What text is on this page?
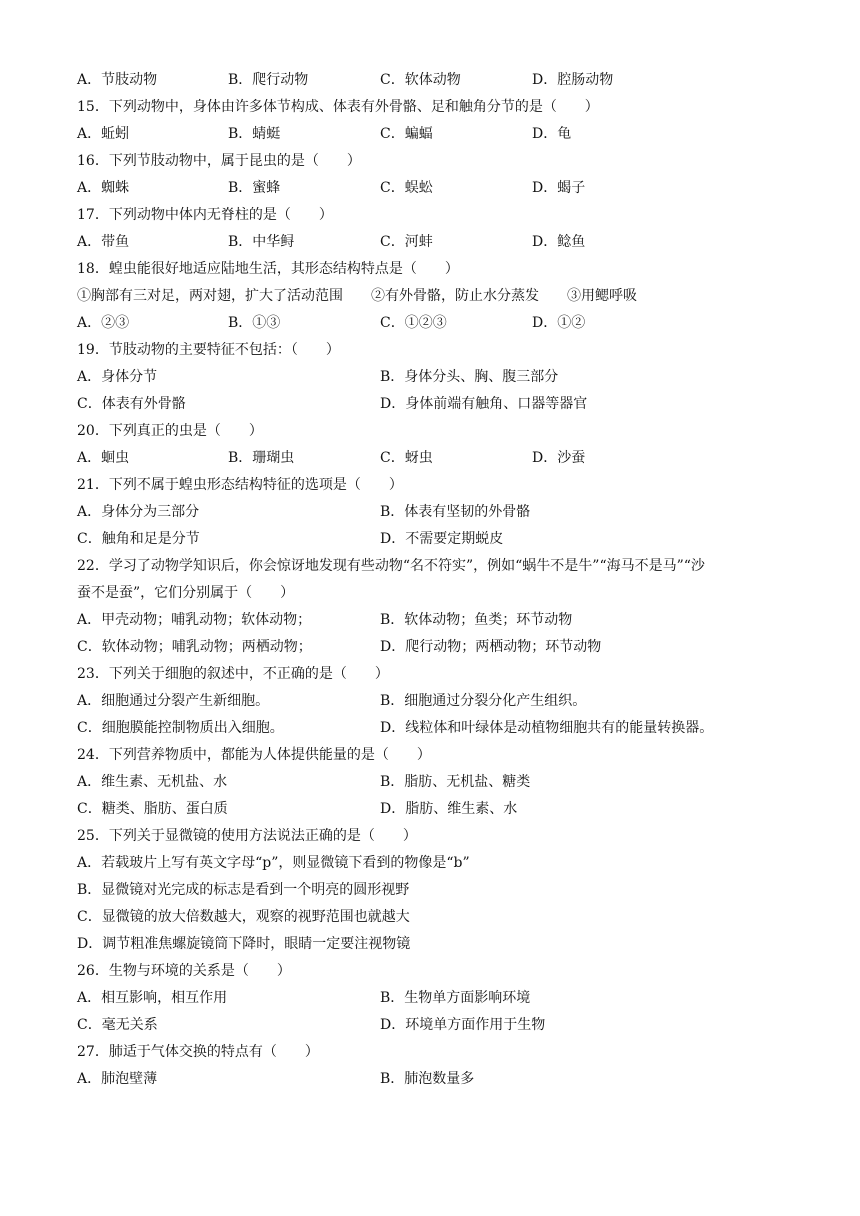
A．节肢动物	B．爬行动物	C．软体动物	D．腔肠动物
15．下列动物中，身体由许多体节构成、体表有外骨骼、足和触角分节的是（　　）
A．蚯蚓	B．蜻蜓	C．蝙蝠	D．龟
16．下列节肢动物中，属于昆虫的是（　　）
A．蜘蛛	B．蜜蜂	C．蜈蚣	D．蝎子
17．下列动物中体内无脊柱的是（　　）
A．带鱼	B．中华鲟	C．河蚌	D．鲶鱼
18．蝗虫能很好地适应陆地生活，其形态结构特点是（　　）
①胸部有三对足，两对翅，扩大了活动范围　　②有外骨骼，防止水分蒸发　　③用鳃呼吸
A．②③	B．①③	C．①②③	D．①②
19．节肢动物的主要特征不包括：（　　）
A．身体分节	B．身体分头、胸、腹三部分
C．体表有外骨骼	D．身体前端有触角、口器等器官
20．下列真正的虫是（　　）
A．蛔虫	B．珊瑚虫	C．蚜虫	D．沙蚕
21．下列不属于蝗虫形态结构特征的选项是（　　）
A．身体分为三部分	B．体表有坚韧的外骨骼
C．触角和足是分节	D．不需要定期蜕皮
22．学习了动物学知识后，你会惊讶地发现有些动物“名不符实”，例如“蜗牛不是牛”“海马不是马”“沙
蚕不是蚕”，它们分别属于（　　）
A．甲壳动物；哺乳动物；软体动物；	B．软体动物；鱼类；环节动物
C．软体动物；哺乳动物；两栖动物；	D．爬行动物；两栖动物；环节动物
23．下列关于细胞的叙述中，不正确的是（　　）
A．细胞通过分裂产生新细胞。	B．细胞通过分裂分化产生组织。
C．细胞膜能控制物质出入细胞。	D．线粒体和叶绿体是动植物细胞共有的能量转换器。
24．下列营养物质中，都能为人体提供能量的是（　　）
A．维生素、无机盐、水	B．脂肪、无机盐、糖类
C．糖类、脂肪、蛋白质	D．脂肪、维生素、水
25．下列关于显微镜的使用方法说法正确的是（　　）
A．若载玻片上写有英文字母“p”，则显微镜下看到的物像是“b”
B．显微镜对光完成的标志是看到一个明亮的圆形视野
C．显微镜的放大倍数越大，观察的视野范围也就越大
D．调节粗准焦螺旋镜筒下降时，眼睛一定要注视物镜
26．生物与环境的关系是（　　）
A．相互影响，相互作用	B．生物单方面影响环境
C．毫无关系	D．环境单方面作用于生物
27．肺适于气体交换的特点有（　　）
A．肺泡壁薄	B．肺泡数量多
